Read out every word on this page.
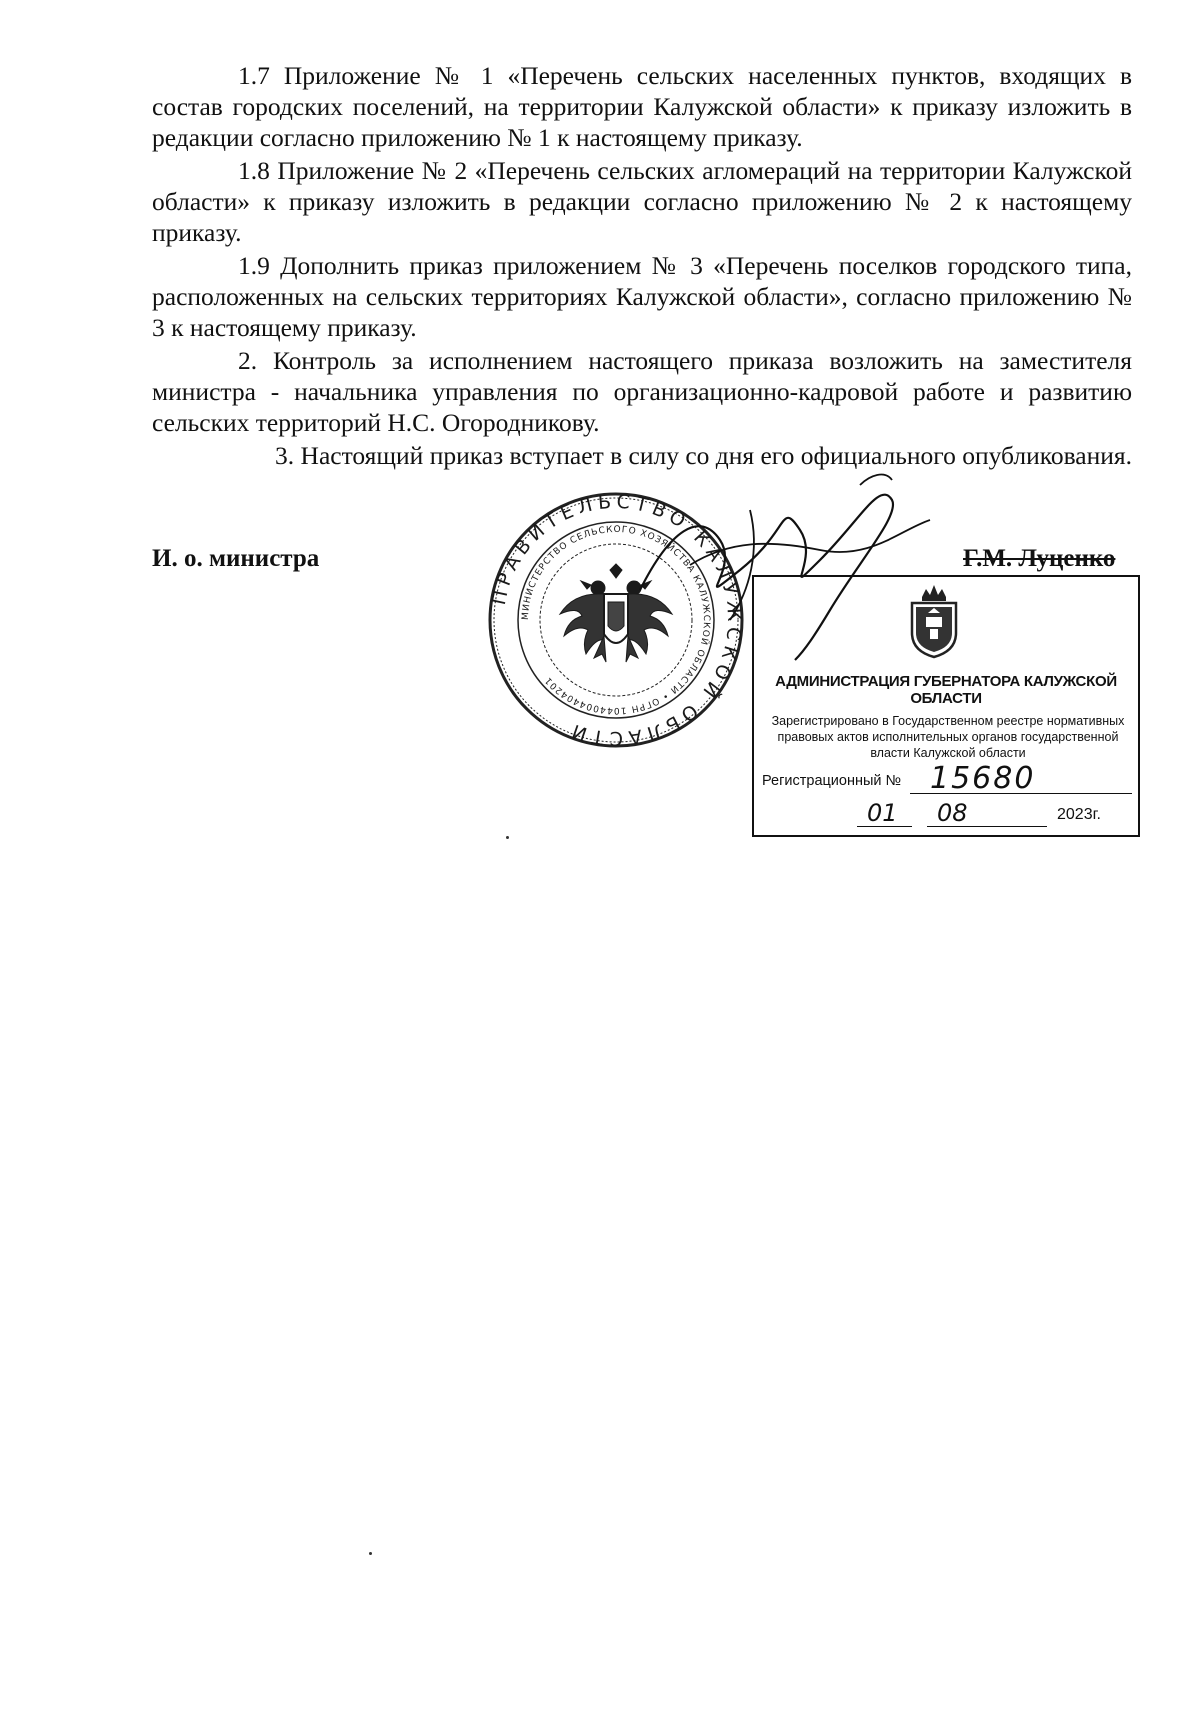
1.7 Приложение № 1 «Перечень сельских населенных пунктов, входящих в состав городских поселений, на территории Калужской области» к приказу изложить в редакции согласно приложению № 1 к настоящему приказу.

1.8 Приложение № 2 «Перечень сельских агломераций на территории Калужской области» к приказу изложить в редакции согласно приложению № 2 к настоящему приказу.

1.9 Дополнить приказ приложением № 3 «Перечень поселков городского типа, расположенных на сельских территориях Калужской области», согласно приложению № 3 к настоящему приказу.

2. Контроль за исполнением настоящего приказа возложить на заместителя министра - начальника управления по организационно-кадровой работе и развитию сельских территорий Н.С. Огородникову.

3. Настоящий приказ вступает в силу со дня его официального опубликования.

И. о. министра
ПРАВИТЕЛЬСТВО КАЛУЖСКОЙ ОБЛАСТИ
МИНИСТЕРСТВО СЕЛЬСКОГО ХОЗЯЙСТВА КАЛУЖСКОЙ ОБЛАСТИ • ОГРН 1044004404201
Г.М. Луценко
АДМИНИСТРАЦИЯ ГУБЕРНАТОРА КАЛУЖСКОЙ ОБЛАСТИ
Зарегистрировано в Государственном реестре нормативных правовых актов исполнительных органов государственной власти Калужской области
Регистрационный № 15680
01 08	2023г.
